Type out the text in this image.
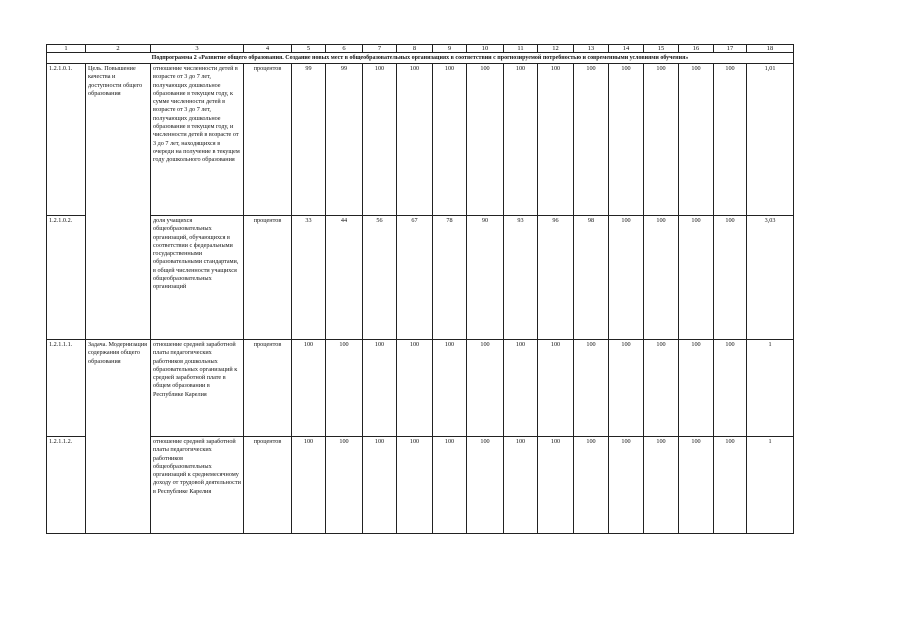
1	2	3	4	5	6	7	8	9	10	11	12	13	14	15	16	17	18
Подпрограмма 2 «Развитие общего образования. Создание новых мест в общеобразовательных организациях в соответствии с прогнозируемой потребностью и современными условиями обучения»																	
1.2.1.0.1.	Цель. Повышение качества и доступности общего образования	отношение численности детей в возрасте от 3 до 7 лет, получающих дошкольное образование в текущем году, к сумме численности детей в возрасте от 3 до 7 лет, получающих дошкольное образование в текущем году, и численности детей в возрасте от 3 до 7 лет, находящихся в очереди на получение в текущем году дошкольного образования	процентов	99	99	100	100	100	100	100	100	100	100	100	100	100	1,01
1.2.1.0.2.		доля учащихся общеобразовательных организаций, обучающихся в соответствии с федеральными государственными образовательными стандартами, в общей численности учащихся общеобразовательных организаций	процентов	33	44	56	67	78	90	93	96	98	100	100	100	100	3,03
1.2.1.1.1.	Задача. Модернизация содержания общего образования	отношение средней заработной платы педагогических работников дошкольных образовательных организаций к средней заработной плате в общем образовании в Республике Карелия	процентов	100	100	100	100	100	100	100	100	100	100	100	100	100	1
1.2.1.1.2.		отношение средней заработной платы педагогических работников общеобразовательных организаций к среднемесячному доходу от трудовой деятельности в Республике Карелия	процентов	100	100	100	100	100	100	100	100	100	100	100	100	100	1
